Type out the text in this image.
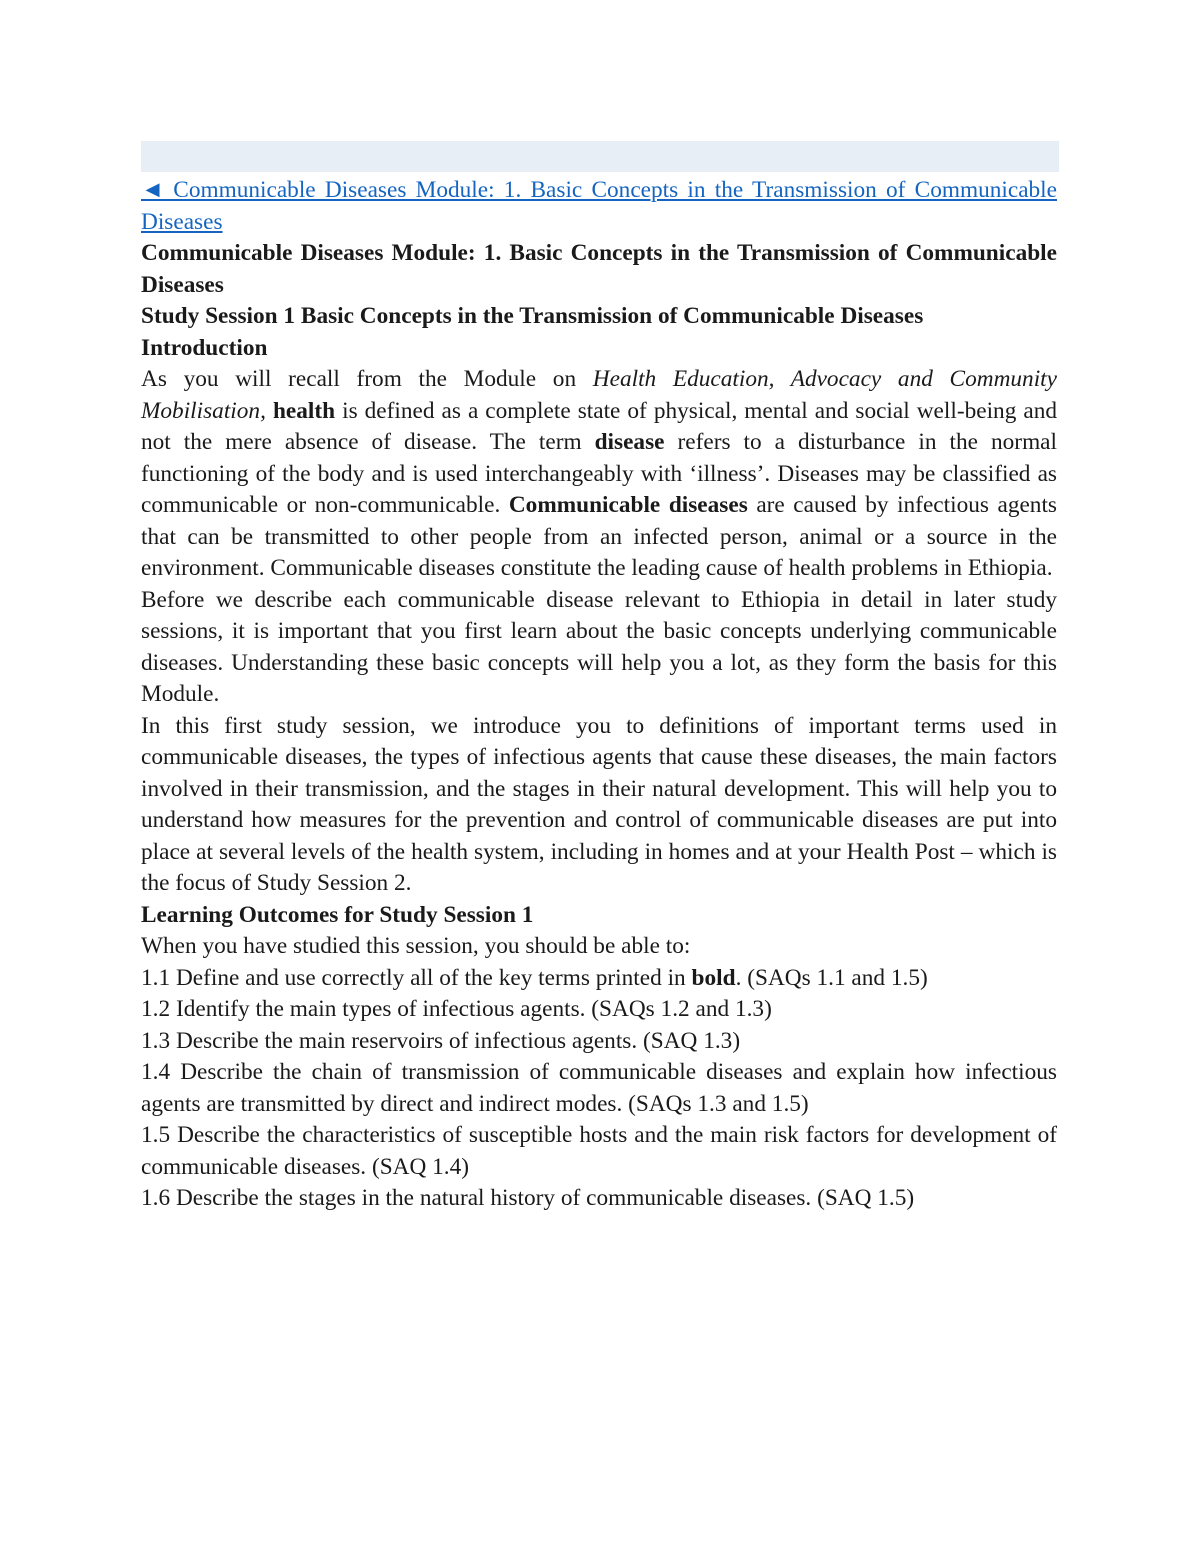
◄ Communicable Diseases Module: 1. Basic Concepts in the Transmission of Communicable Diseases

Communicable Diseases Module: 1. Basic Concepts in the Transmission of Communicable Diseases

Study Session 1 Basic Concepts in the Transmission of Communicable Diseases

Introduction

As you will recall from the Module on Health Education, Advocacy and Community Mobilisation, health is defined as a complete state of physical, mental and social well-being and not the mere absence of disease. The term disease refers to a disturbance in the normal functioning of the body and is used interchangeably with ‘illness’. Diseases may be classified as communicable or non-communicable. Communicable diseases are caused by infectious agents that can be transmitted to other people from an infected person, animal or a source in the environment. Communicable diseases constitute the leading cause of health problems in Ethiopia.

Before we describe each communicable disease relevant to Ethiopia in detail in later study sessions, it is important that you first learn about the basic concepts underlying communicable diseases. Understanding these basic concepts will help you a lot, as they form the basis for this Module.

In this first study session, we introduce you to definitions of important terms used in communicable diseases, the types of infectious agents that cause these diseases, the main factors involved in their transmission, and the stages in their natural development. This will help you to understand how measures for the prevention and control of communicable diseases are put into place at several levels of the health system, including in homes and at your Health Post – which is the focus of Study Session 2.

Learning Outcomes for Study Session 1

When you have studied this session, you should be able to:

1.1 Define and use correctly all of the key terms printed in bold. (SAQs 1.1 and 1.5)

1.2 Identify the main types of infectious agents. (SAQs 1.2 and 1.3)

1.3 Describe the main reservoirs of infectious agents. (SAQ 1.3)

1.4 Describe the chain of transmission of communicable diseases and explain how infectious agents are transmitted by direct and indirect modes. (SAQs 1.3 and 1.5)

1.5 Describe the characteristics of susceptible hosts and the main risk factors for development of communicable diseases. (SAQ 1.4)

1.6 Describe the stages in the natural history of communicable diseases. (SAQ 1.5)
